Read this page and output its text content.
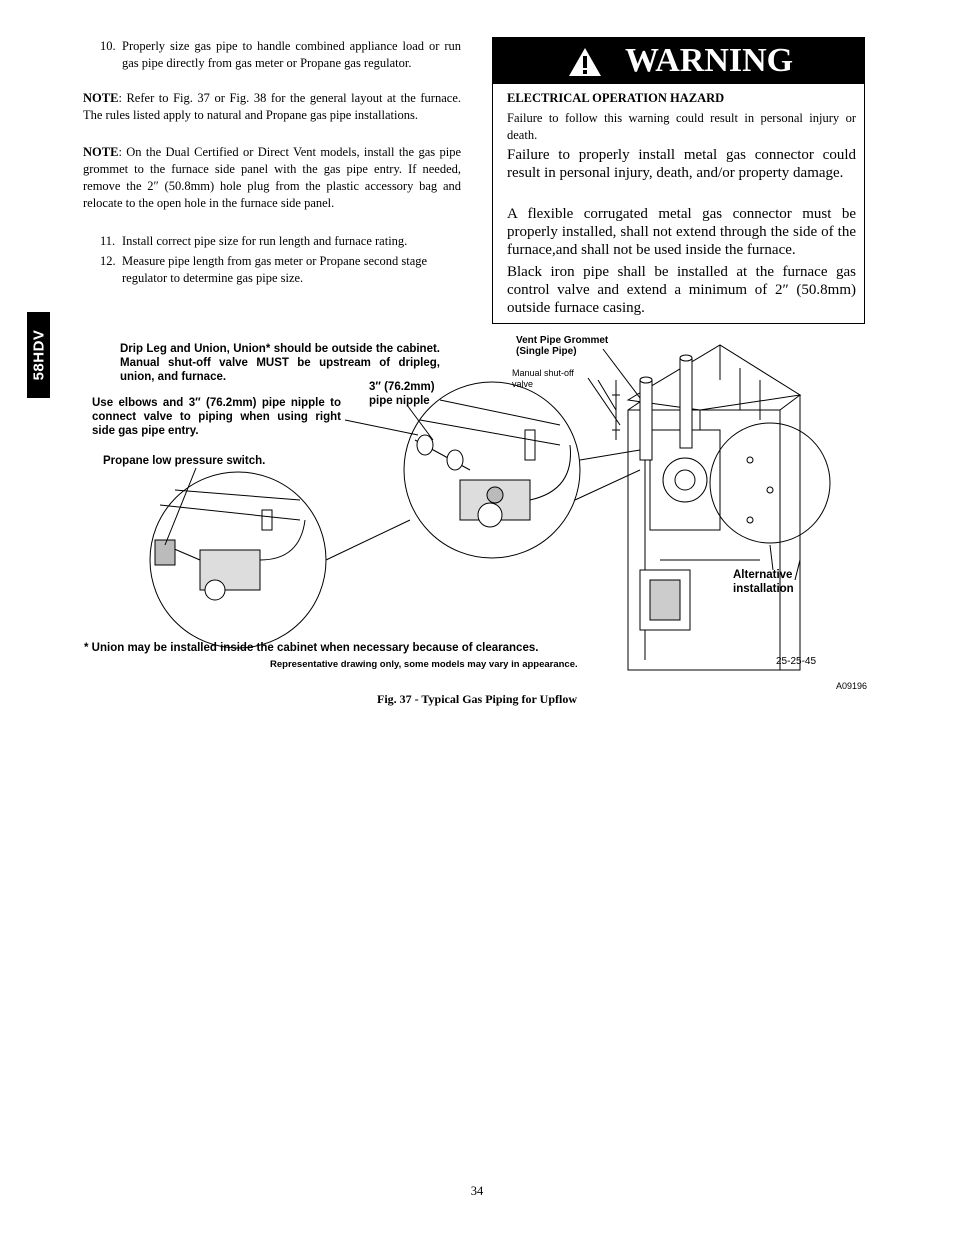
58HDV
10. Properly size gas pipe to handle combined appliance load or run gas pipe directly from gas meter or Propane gas regulator.
NOTE: Refer to Fig. 37 or Fig. 38 for the general layout at the furnace. The rules listed apply to natural and Propane gas pipe installations.
NOTE: On the Dual Certified or Direct Vent models, install the gas pipe grommet to the furnace side panel with the gas pipe entry. If needed, remove the 2″ (50.8mm) hole plug from the plastic accessory bag and relocate to the open hole in the furnace side panel.
11. Install correct pipe size for run length and furnace rating.
12. Measure pipe length from gas meter or Propane second stage regulator to determine gas pipe size.
WARNING
ELECTRICAL OPERATION HAZARD
Failure to follow this warning could result in personal injury or death.
Failure to properly install metal gas connector could result in personal injury, death, and/or property damage.
A flexible corrugated metal gas connector must be properly installed, shall not extend through the side of the furnace,and shall not be used inside the furnace.
Black iron pipe shall be installed at the furnace gas control valve and extend a minimum of 2″ (50.8mm) outside furnace casing.
Drip Leg and Union, Union* should be outside the cabinet. Manual shut-off valve MUST be upstream of dripleg, union, and furnace.
Use elbows and 3″ (76.2mm) pipe nipple to connect valve to piping when using right side gas pipe entry.
3″ (76.2mm) pipe nipple
Propane low pressure switch.
Vent Pipe Grommet (Single Pipe)
Manual shut-off valve
Alternative installation
* Union may be installed inside the cabinet when necessary because of clearances.
Representative drawing only, some models may vary in appearance.	25-25-45
A09196
Fig. 37 - Typical Gas Piping for Upflow
34
